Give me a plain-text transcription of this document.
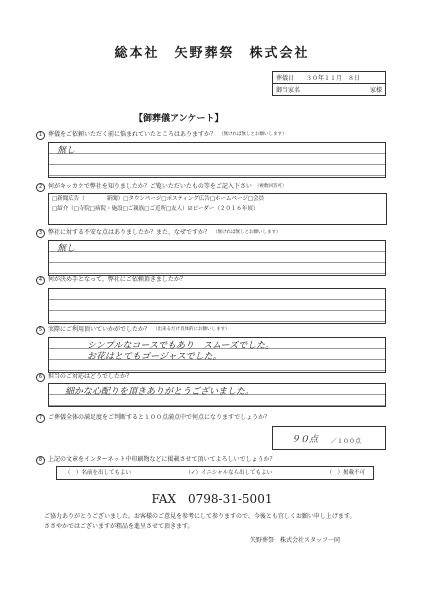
総本社　矢野葬祭　株式会社
葬儀日	３０年１１月　８日
御当家名	家様
【御葬儀アンケート】
1 葬儀をご依頼いただく前に悩まれていたところはありますか？ （無ければ無しとお願いします）
無し
2 何がキッカケで弊社を知りましたか？ご覧いただいたもの等をご記入下さい （複数回答可）
□新聞広告（　　　　新聞）□タウンページ□ポスティング広告□ホームページ□会員
□紹介（□寺院□病院・施設□ご親族□ご近所□友人）☑ビーダー（２０１６年頃）
3 弊社に対する不安な点はありましたか？また、なぜですか？ （無ければ無しとお願いします）
無し
4 何が決め手となって、弊社にご依頼頂きましたか？
5 実際にご利用頂いていかがでしたか？ （出来るだけ具体的にお願いします）
シンプルなコースでもあり　スムーズでした。
お花はとてもゴージャスでした。
6 担当のご対応はどうでしたか？
細かな心配りを頂きありがとうございました。
7 ご葬儀全体の満足度をご判断すると１００点満点中で何点になりますでしょうか？
９０点 ／１００点
8 上記の文章をインターネット中印刷物などに掲載させて頂いてよろしいでしょうか？
（　）名前を出してもよい	（✓）イニシャルなら出してもよい	（　）掲載不可
FAX　0798-31-5001
ご協力ありがとうございました。お客様のご意見を参考にして参りますので、今後とも宜しくお願い申し上げます。
ささやかではございますが粗品を進呈させて頂きます。
矢野葬祭　株式会社スタッフ一同
